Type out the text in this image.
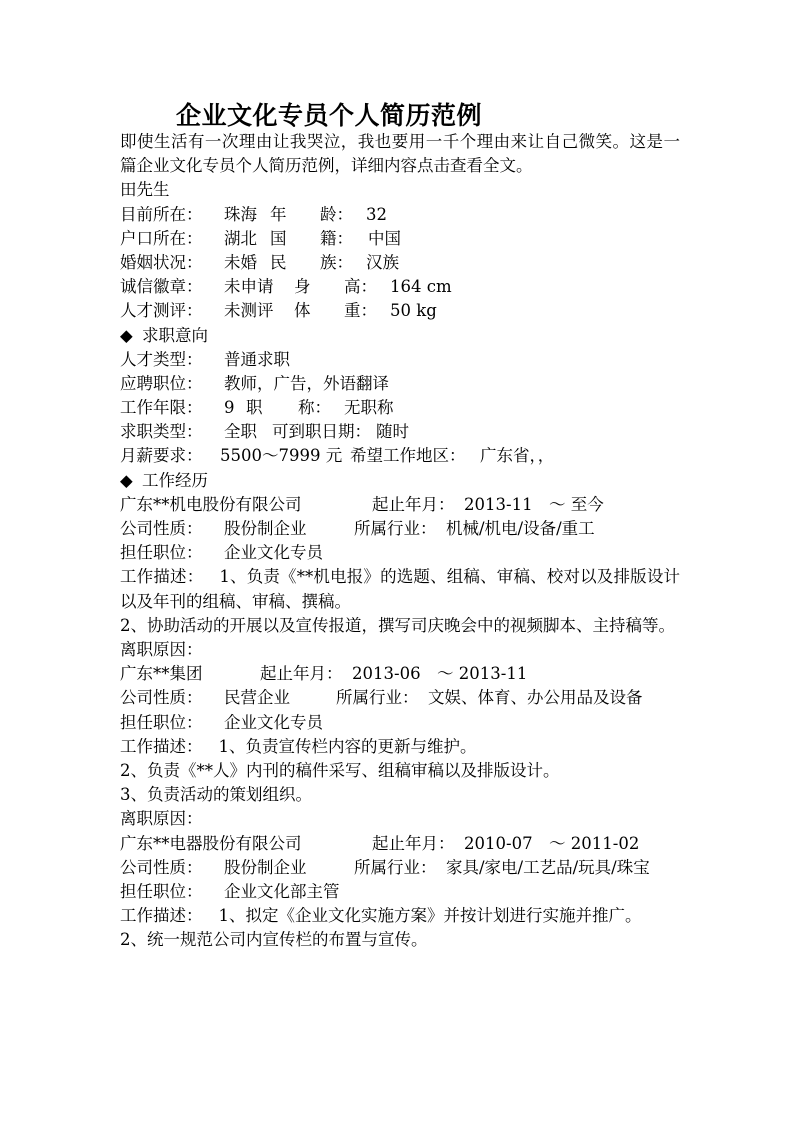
企业文化专员个人简历范例
即使生活有一次理由让我哭泣，我也要用一千个理由来让自己微笑。这是一篇企业文化专员个人简历范例，详细内容点击查看全文。
田先生
目前所在： 珠海 年 龄： 32
户口所在： 湖北 国 籍： 中国
婚姻状况： 未婚 民 族： 汉族
诚信徽章： 未申请 身 高： 164 cm
人才测评： 未测评 体 重： 50 kg
◆ 求职意向
人才类型： 普通求职
应聘职位： 教师，广告，外语翻译
工作年限： 9 职 称： 无职称
求职类型： 全职 可到职日期： 随时
月薪要求： 5500～7999 元 希望工作地区： 广东省，，
◆ 工作经历
广东**机电股份有限公司	起止年月： 2013-11　～ 至今
公司性质： 股份制企业	所属行业： 机械/机电/设备/重工
担任职位： 企业文化专员
工作描述： 1、负责《**机电报》的选题、组稿、审稿、校对以及排版设计以及年刊的组稿、审稿、撰稿。
2、协助活动的开展以及宣传报道，撰写司庆晚会中的视频脚本、主持稿等。
离职原因：
广东**集团	起止年月： 2013-06　～ 2013-11
公司性质： 民营企业	所属行业： 文娱、体育、办公用品及设备
担任职位： 企业文化专员
工作描述： 1、负责宣传栏内容的更新与维护。
2、负责《**人》内刊的稿件采写、组稿审稿以及排版设计。
3、负责活动的策划组织。
离职原因：
广东**电器股份有限公司	起止年月： 2010-07　～ 2011-02
公司性质： 股份制企业	所属行业： 家具/家电/工艺品/玩具/珠宝
担任职位： 企业文化部主管
工作描述： 1、拟定《企业文化实施方案》并按计划进行实施并推广。
2、统一规范公司内宣传栏的布置与宣传。
